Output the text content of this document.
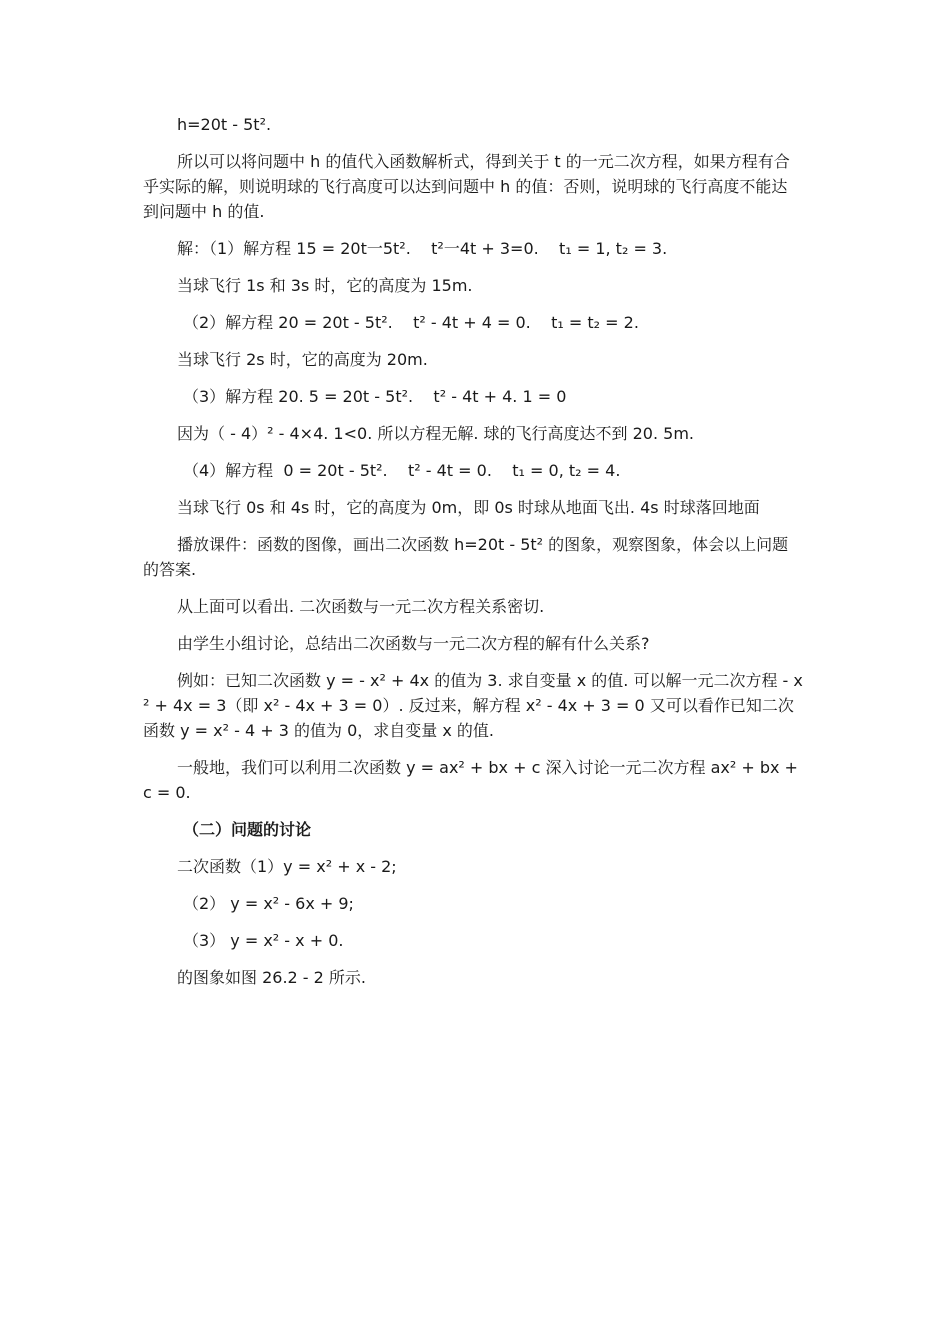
h=20t - 5t².

所以可以将问题中 h 的值代入函数解析式，得到关于 t 的一元二次方程，如果方程有合乎实际的解，则说明球的飞行高度可以达到问题中 h 的值：否则，说明球的飞行高度不能达到问题中 h 的值.

解：（1）解方程 15 = 20t一5t².    t²一4t + 3=0.    t₁ = 1, t₂ = 3.

当球飞行 1s 和 3s 时，它的高度为 15m.

（2）解方程 20 = 20t - 5t².    t² - 4t + 4 = 0.    t₁ = t₂ = 2.

当球飞行 2s 时，它的高度为 20m.

（3）解方程 20. 5 = 20t - 5t².    t² - 4t + 4. 1 = 0

因为（ - 4）² - 4×4. 1<0. 所以方程无解. 球的飞行高度达不到 20. 5m.

（4）解方程  0 = 20t - 5t².    t² - 4t = 0.    t₁ = 0, t₂ = 4.

当球飞行 0s 和 4s 时，它的高度为 0m，即 0s 时球从地面飞出. 4s 时球落回地面

播放课件：函数的图像，画出二次函数 h=20t - 5t² 的图象，观察图象，体会以上问题的答案.

从上面可以看出. 二次函数与一元二次方程关系密切.

由学生小组讨论，总结出二次函数与一元二次方程的解有什么关系?

例如：已知二次函数 y = - x² + 4x 的值为 3. 求自变量 x 的值. 可以解一元二次方程 - x² + 4x = 3（即 x² - 4x + 3 = 0）. 反过来，解方程 x² - 4x + 3 = 0 又可以看作已知二次函数 y = x² - 4 + 3 的值为 0，求自变量 x 的值.

一般地，我们可以利用二次函数 y = ax² + bx + c 深入讨论一元二次方程 ax² + bx + c = 0.

（二）问题的讨论

二次函数（1）y = x² + x - 2;

（2） y = x² - 6x + 9;

（3） y = x² - x + 0.

的图象如图 26.2 - 2 所示.
